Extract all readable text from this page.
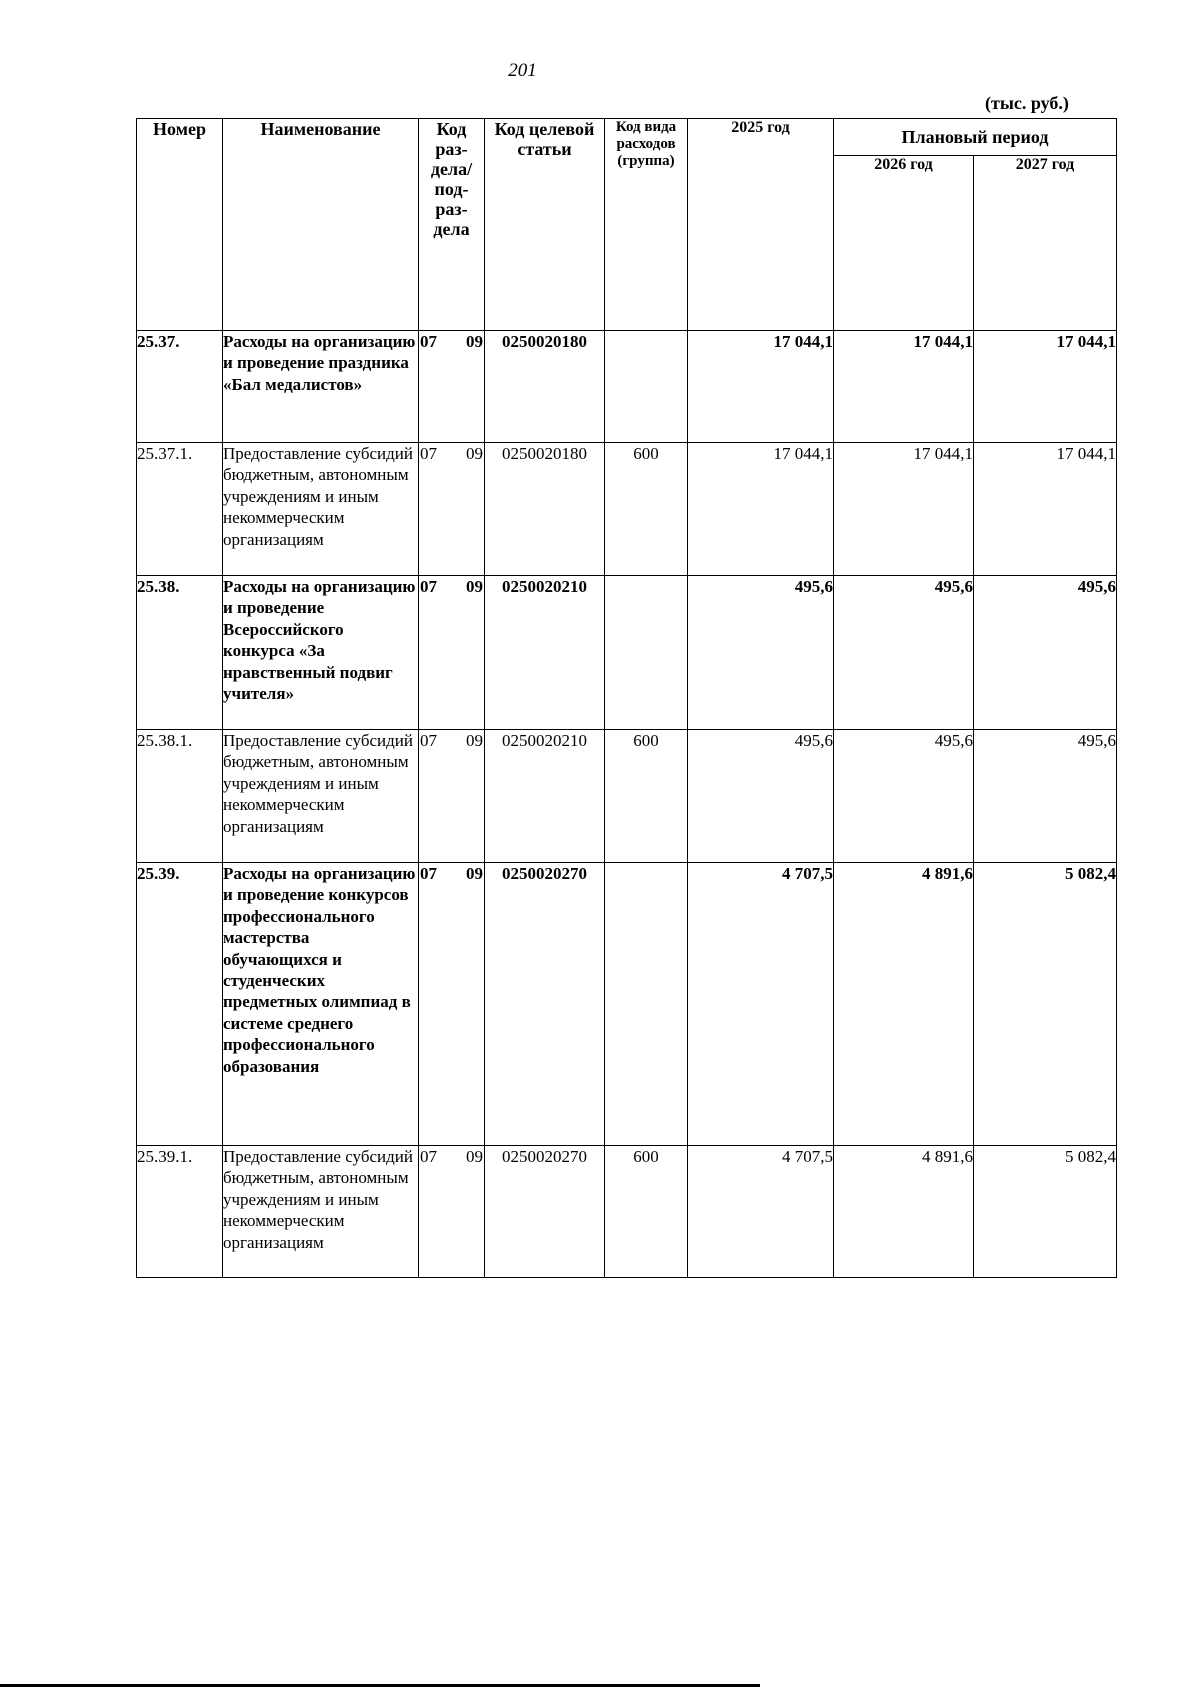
201
(тыс. руб.)
Номер	Наименование	Код раз-дела/ под-раз-дела	Код целевой статьи	Код вида расходов (группа)	2025 год	Плановый период	
						2026 год	2027 год
25.37.	Расходы на организацию и проведение праздника «Бал медалистов»	07 09	0250020180		17 044,1	17 044,1	17 044,1
25.37.1.	Предоставление субсидий бюджетным, автономным учреждениям и иным некоммерческим организациям	07 09	0250020180	600	17 044,1	17 044,1	17 044,1
25.38.	Расходы на организацию и проведение Всероссийского конкурса «За нравственный подвиг учителя»	07 09	0250020210		495,6	495,6	495,6
25.38.1.	Предоставление субсидий бюджетным, автономным учреждениям и иным некоммерческим организациям	07 09	0250020210	600	495,6	495,6	495,6
25.39.	Расходы на организацию и проведение конкурсов профессионального мастерства обучающихся и студенческих предметных олимпиад в системе среднего профессионального образования	07 09	0250020270		4 707,5	4 891,6	5 082,4
25.39.1.	Предоставление субсидий бюджетным, автономным учреждениям и иным некоммерческим организациям	07 09	0250020270	600	4 707,5	4 891,6	5 082,4
